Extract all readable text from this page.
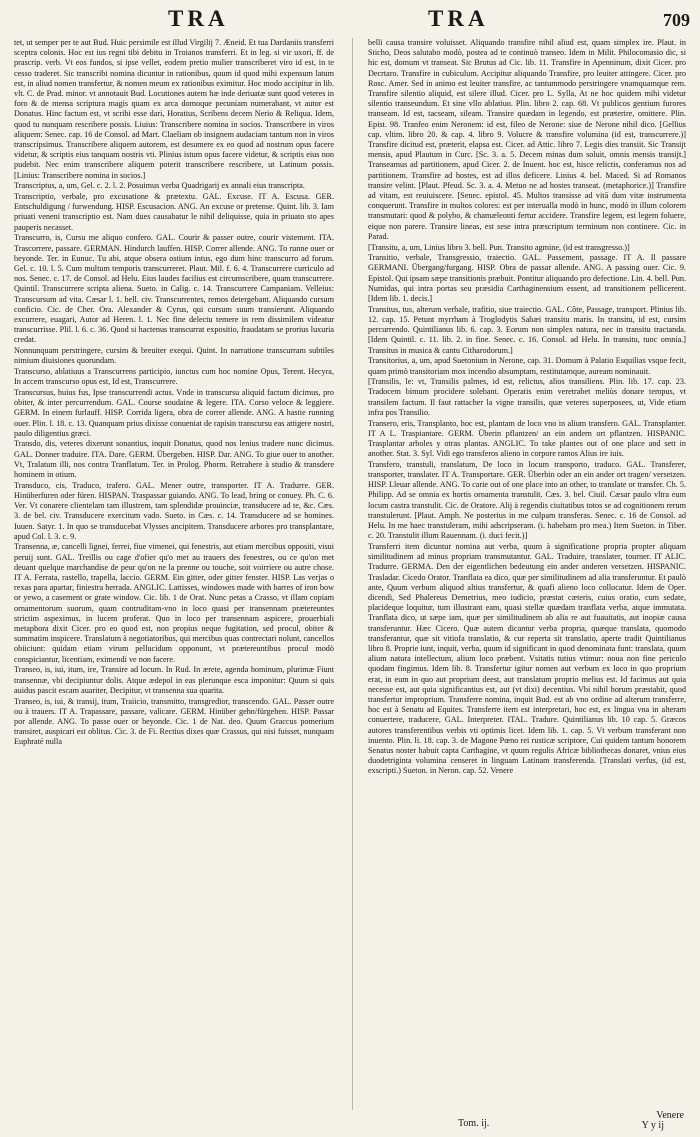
TRA	TRA	709

tet, ut semper per te aut Bud. Huic persimile est illud Virgilij 7. Æneid. Et tua Dardaniis transferri sceptra colonis. Hoc est ius regni tibi debitu in Troianos transferri. Et in leg. si vir uxori, ff. de prascrip. verb. Vt eos fundos, si ipse vellet, eodem pretio mulier transcriberet viro id est, in te cesso traderet. Sic transcribi nomina dicuntur in rationibus, quum id quod mihi expensum latum est, in aliud nomen transfertur, & nomen meum ex rationibus eximitur. Hoc modo accipitur in lib. vlt. C. de Prad. minor. vt annotauit Bud. Locutiones autem hæ inde deriuatæ sunt quod veteres in foro & de mensa scriptura magis quam ex arca domoque pecuniam numerabant, vt autor est Donatus. Hinc factum est, vt scribi esse dari, Horatius, Scribens decem Nerio & Reliqua. Idem, quod tu nunquam rescribere possis. Liuius: Transcribere nomina in socios. Transcribere in viros aliquem: Senec. cap. 16 de Consol. ad Mart. Claeliam ob insignem audaciam tantum non in viros transcripsimus. Transcribere aliquem autorem, est desumere ex eo quod ad nostrum opus facere videtur, & scriptis eius tanquam nostris vti. Plinius istum opus facere videtur, & scriptis eius non pudebit. Nec enim transcribere aliquem poterit transcribere rescribere, ut Latinum possis. [Linius: Transcribere nomina in socios.]

Transcriptus, a, um, Gel. c. 2. l. 2. Posuimus verba Quadrigarij ex annali eius transcripta.

Transcriptio, verbale, pro excusatione & prætextu. GAL. Excuse. IT A. Escusa. GER. Entschuldigung / furwendung. HISP. Escusacion. ANG. An excuse or pretense. Quint. lib. 3. Iam priuati veneni transcriptio est. Nam dues causabatur le nihil deliquisse, quia in priuato sto apes pauperis necasset.

Transcurro, is, Cursu me aliquo confero. GAL. Courir & passer outre, courir vistement. ITA. Trascorrere, passare. GERMAN. Hindurch lauffen. HISP. Correr allende. ANG. To runne ouer or beyonde. Ter. in Eunuc. Tu abi, atque obsera ostium intus, ego dum hinc transcurro ad forum. Gel. c. 10. l. 5. Cum multum temporis transcurreret. Plaut. Mil. f. 6. 4. Transcurrere curriculo ad nos. Senec. c. 17. de Consol. ad Helu. Eius laudes facilius est circumscribere, quam transcurrere. Quintil. Transcurrere scripta aliena. Sueto. in Calig. c. 14. Transcurrere Campaniam. Velleius: Transcursum ad vita. Cæsar l. 1. bell. civ. Transcurrentes, remos detergebant. Aliquando cursum conficio. Cic. de Cher. Ora. Alexander & Cyrus, qui cursum suum transierunt. Aliquando excurrere, euagari, Autor ad Heren. l. 1. Nec fine delectu temere in rem dissimilem videatur transcurrisse. Plil. l. 6. c. 36. Quod si hactenus transcurrat expositio, fraudatam se prorius luxuria credat.

Nonnunquam perstringere, cursim & breuiter exequi. Quint. In narratione transcurram subtiles nimium diuisiones quorundam.

Transcurso, ablatiuus a Transcurrens participio, iunctus cum hoc nomine Opus, Terent. Hecyra, In accem transcurso opus est, Id est, Transcurrere.

Transcursus, huius fus, Ipse transcurrendi actus. Vnde in transcursu aliquid factum dicimus, pro obiter, & inter percurrendum. GAL. Course soudaine & legere. ITA. Corso veloce & leggiere. GERM. In einem furlauff. HISP. Corrida ligera, obra de correr allende. ANG. A hastie running ouer. Plin. l. 18. c. 13. Quanquam prius dixisse conueniat de rapisin transcursu eas attigere nostri, paulo diligentius græci.

Transdo, dis, veteres dixerunt sonantius, inquit Donatus, quod nos lenius tradere nunc dicimus. GAL. Donner traduire. ITA. Dare. GERM. Übergeben. HISP. Dar. ANG. To giue ouer to another. Vt, Tralatum illi, nos contra Tranflatum. Ter. in Prolog. Phorm. Retrahere à studio & transdere hominem in otium.

Transduco, cis, Traduco, trafero. GAL. Mener outre, transporter. IT A. Tradurre. GER. Hinüberfuren oder füren. HISPAN. Traspassar guiando. ANG. To lead, bring or conuey. Ph. C. 6. Ver. Vt conarere clientelam tam illustrem, tam splendidæ prouinciæ, transducere ad te, &c. Cæs. 3. de bel. civ. Transducere exercitum vado. Sueto. in Cæs. c. 14. Transducere ad se homines. Iuuen. Satyr. 1. In quo se transducebat Vlysses ancipitem. Transducere arbores pro transplantare, apud Col. l. 3. c. 9.

Transenna, æ, cancelli lignei, ferrei, fiue vimenei, qui fenestris, aut etiam mercibus oppositi, visui peruij sunt. GAL. Treillis ou cage d'ofier qu'o met au trauers des fenestres, ou ce qu'on met deuant quelque marchandise de peur qu'on ne la prenne ou touche, soit voirriere ou autre chose. IT A. Ferrata, rastello, trapella, laccio. GERM. Ein gitter, oder gitter fenster. HISP. Las verjas o rexas para apartar, finiestra herrada. ANGLIC. Lattisses, windowes made with barres of iron bow or yewo, a casement or grate window. Cic. lib. 1 de Orat. Nunc petas a Crasso, vt illam copiam ornamentorum suorum, quam contruditam-vno in loco quasi per transennam prætereuntes strictim aspeximus, in lucem proferat. Quo in loco per transennam aspicere, prouerbiali metaphora dixit Cicer. pro eo quod est, non propius neque fugitation, sed procul, obiter & summatim inspicere. Translatum à negotiatoribus, qui mercibus quas contrectari nolunt, cancellos obiiciunt: quidam etiam virum pellucidum opponunt, vt prætereuntibus procul modò conspiciantur, licentiam, eximendi ve non facere.

Transeo, is, iui, itum, ire, Transire ad locum. In Rud. In ærete, agenda hominum, plurimæ Fiunt transennæ, vbi decipiuntur dolis. Atque ædepol in eas plerunque esca imponitur: Quum si quis auidus pascit escam auariter, Decipitur, vt transenna sua quarita.

Transeo, is, iui, & transij, itum, Traiicio, transmitto, transgredior, transcendo. GAL. Passer outre ou à trauers. IT A. Trapassare, passare, valicare. GERM. Hinüber gehn/fürgehen. HISP. Passar por allende. ANG. To passe ouer or beyonde. Cic. 1 de Nat. deo. Quum Graccus pomerium transiret, auspicari est oblitus. Cic. 3. de Fi. Rectius dixes quæ Crassus, qui nisi fuisset, nunquam Euphraté nulla

belli causa transire voluisset. Aliquando transfire nihil aliud est, quam simplex ire. Plaut. in Sticho, Deos salutabo modò, postea ad te continuò transeo. Idem in Milit. Philocomasio dic, si hic est, domum vt transeat. Sic Brutus ad Cic. lib. 11. Transfire in Apenninum, dixit Cicer. pro Decrtaro. Transfire in cubiculum. Accipitur aliquando Transfire, pro leuiter attingere. Cicer. pro Rosc. Amer. Sed in animo est leuiter transfire, ac tantummodo perstringere vnamquamque rem. Transfire silentio aliquid, est silere illud. Cicer. pro L. Sylla, At ne hoc quidem mihi videtur silentio transeundum. Et sine vllo ablatiuo. Plin. libro 2. cap. 68. Vt publicos gentium furores transeam. Id est, tacseam, sileam. Transire quædam in legendo, est præterire, omittere. Plin. Epist. 98. Tranfeo enim Neronem: id est, fileo de Nerone: siue de Nerone nihil dico. [Gellius cap. vltim. libro 20. & cap. 4. libro 9. Volucre & transfire volumina (id est, transcurrere.)] Transfire dicitud est, præterit, elapsa est. Cicer. ad Attic. libro 7. Legis dies transiit. Sic Transijt mensis, apud Plautum in Curc. [Sc. 3. a. 5. Decem minas dum soluit, omnis mensis transijt.] Transeamus ad partitionem, apud Cicer. 2. de Inuent. hoc est, hisce relictis, conferamus nos ad partitionem. Transfire ad hostes, est ad illos deficere. Linius 4. bel. Maced. Si ad Romanos transire velint. [Plaut. Pfeud. Sc. 3. a. 4. Metuo ne ad hostes transeat. (metaphorice.)] Transfire ad vitam, est reuiuiscere. [Senec. epistol. 45. Multos transisse ad vitā dum vitæ instrumenta conquerunt. Transfire in multos colores: est per interualla modò in hunc, modò in illum colorem transmutari: quod & polybo, & chamæleonti fertur accidere. Transfire legem, est legem foluere, eique non parere. Transire lineas, est sese intra præscriptum terminum non continere. Cic. in Parad.

[Transitu, a, um, Linius libro 3. bell. Pun. Transito agmine, (id est transgresso.)]

Transitio, verbale, Transgressio, traiectio. GAL. Passement, passage. IT A. Il passare GERMANI. Übergang/furgang. HISP. Obra de passar allende. ANG. A passing ouer. Cic. 9. Epistol. Qui ipsam sæpe transitionis præbuit. Pontitur aliquando pro defectione. Lin. 4. bell. Pun. Numidas, qui intra portas seu præsidia Carthaginensium essent, ad transitionem pellicerent. [Idem lib. 1. decis.]

Transitus, tus, alterum verbale, trafitio, siue traiectio. GAL. Côte, Passage, transport. Plinius lib. 12. cap. 15. Petunt myrrham à Troglodytis Sabæi transitu maris. In transitu, id est, cursim percurrendo. Quintilianus lib. 6. cap. 3. Eorum non simplex natura, nec in transitu tractanda. [Idem Quintil. c. 11. lib. 2. in fine. Senec. c. 16. Consol. ad Helu. In transitu, tunc omnia.] Transitus in musica & cantu Citharodorum.]

Transitorius, a, um, apud Suetonium in Nerone, cap. 31. Domum à Palatio Esquilias vsque fecit, quam primò transitoriam mox incendio absumptam, restitutamque, auream nominauit.

[Transilis, le: vt, Transilis palmes, id est, relictus, alios transiliens. Plin. lib. 17. cap. 23. Tradocem bimum procidere solebant. Operatis enim veretrabet meliùs donare tempus, vt transilem factum. Il faut rattacher la vigne transilis, quæ veteres superposees, ut, Vide etiam infra pos Transilio.

Transero, eris, Transplanto, hoc est, plantam de loco vno in alium transfero. GAL. Transplanter. IT A L. Traspiantare. GERM. Überin pflantzen/ an ein andern ort pflantzen. HISPANIC. Trasplantar arboles y otras plantas. ANGLIC. To take plantes out of one place and sett in another. Stat. 3. Syl. Vidi ego transferos alieno in corpore ramos Alius ire iuis.

Transfero, transtuli, translatum, De loco in locum transporto, traduco. GAL. Transferer, transporter, translater. IT A. Transportare. GER. Überbin oder an ein ander ort tragen/ versetzen. HISP. Lleuar allende. ANG. To carie out of one place into an other, to translate or transfer. Ch. 5. Philipp. Ad se omnia ex hortis ornamenta transtulit. Cæs. 3. bel. Ciuil. Cæsar paulo vltra eum locum castra transtulit. Cic. de Oratore. Alij à regendis ciuitatibus totos se ad cognitionem rerum transtulerunt. [Plaut. Amph. Ne posterius in me culpam transferas. Senec. c. 16 de Consol. ad Helu. In me haec transtuleram, mihi adscripseram. (i. habebam pro mea.) Item Sueton. in Tiber. c. 20. Transtulit illum Rauennam. (i. duci fecit.)]

Transferri item dicuntur nomina aut verba, quum à significatione propria propter aliquam similitudinem ad minus propriam transmutantur. GAL. Traduire, translater, tourner. IT ALIC. Tradurre. GERMA. Den der eigentlichen bedeutung ein ander anderen versetzen. HISPANIC. Trasladar. Cicedo Orator. Tranflata ea dico, quæ per similitudinem ad alia transferuntur. Et paulò ante, Quum verbum aliquod altius transfertur, & quafi alieno loco collocatur. Idem de Oper. dicendi, Sed Phalereus Demetrius, meo iudicio, præstat cæteris, cuius oratio, cum sedate, placideque loquitur, tum illustrant eam, quasi stellæ quædam tranflata verba, atque immutata. Tranflata dico, ut sæpe iam, quæ per similitudinem ab alia re aut fuauitatis, aut inopiæ causa transferuntur. Hæc Cicero. Quæ autem dicantur verba propria, quæque translata, quomodo transferantur, quæ sit vitiofa translatio, & cur reperta sit translatio, aperte tradit Quintilianus libro 8. Proprie iunt, inquit, verba, quum id significant in quod denominata funt: translata, quum alium natura intellectum, alium loco præbent. Vsitatis tutius vtimur: noua non fine periculo quodam fingimus. Idem lib. 8. Transfertur igitur nomen aut verbum ex loco in quo proprium erat, in eum in quo aut proprium deest, aut translatum proprio melius est. Id facimus aut quia necesse est, aut quia significantius est, aut (vt dixi) decentius. Vbi nihil horum præstabit, quod transfertur improprium. Transferre nomina, inquit Bud. est ab vno ordine ad alterum transferre, hoc est à Senatu ad Equites. Transferre item est interpretari, hoc est, ex lingua vna in alteram conuertere, traducere, GAL. Interpreter. ITAL. Tradure. Quintilianus lib. 10 cap. 5. Græcos autores transferentibus verbis vti optimis licet. Idem lib. 1. cap. 5. Vt verbum transferant non inuento. Plin. li. 18. cap. 3. de Magone Pœno rei rusticæ scriptore, Cui quidem tantum honorem Senatus noster habuit capta Carthagine, vt quum regulis Africæ bibliothecas donaret, vnius eius duodetriginta volumina censeret in linguam Latinam transferenda. [Translati verfus, (id est, exscripti.) Sueton. in Neron. cap. 52. Venere

Tom. ij.
Venere
Y y ij
